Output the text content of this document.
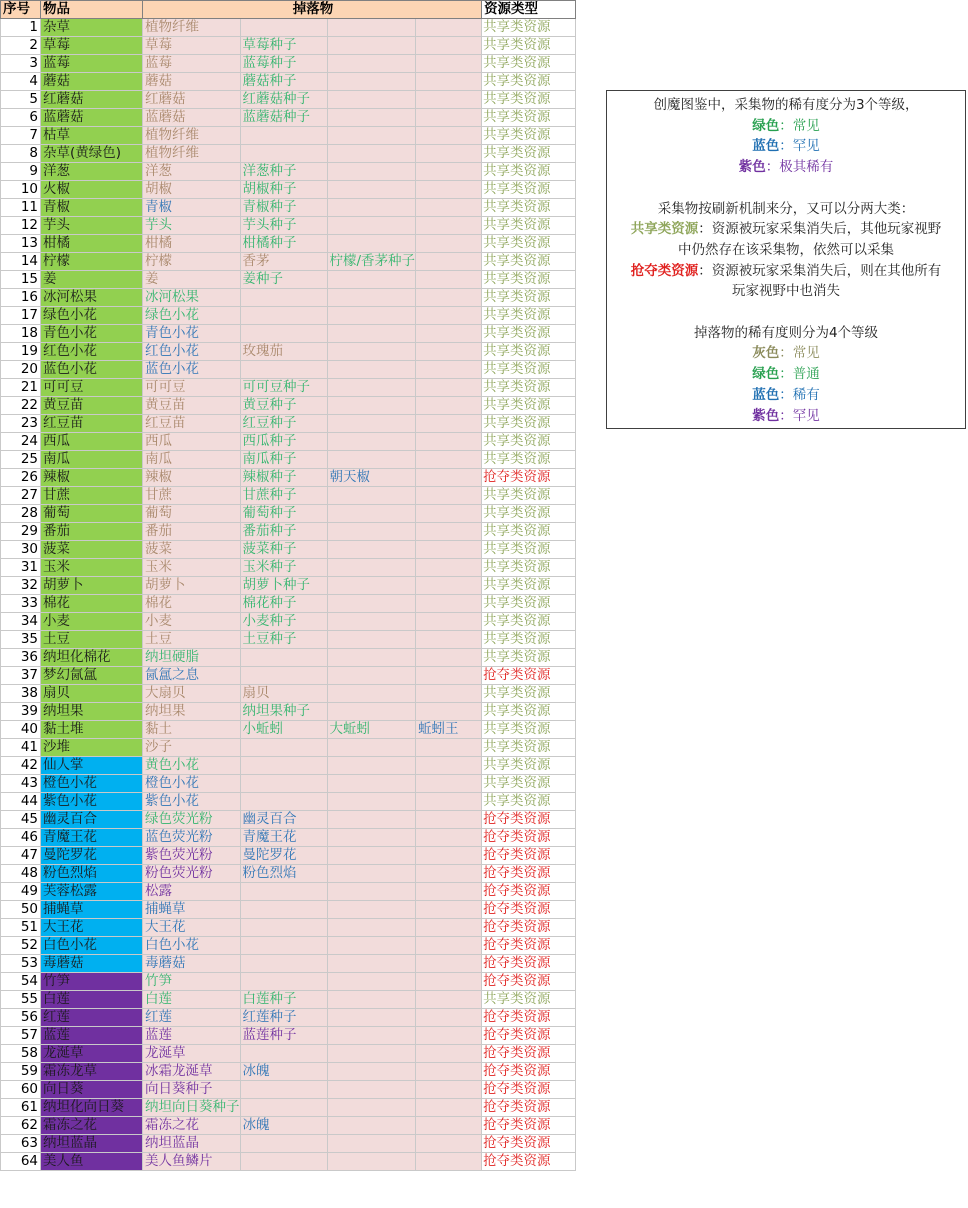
序号	物品	掉落物				资源类型
1	杂草	植物纤维				共享类资源
2	草莓	草莓	草莓种子			共享类资源
3	蓝莓	蓝莓	蓝莓种子			共享类资源
4	蘑菇	蘑菇	蘑菇种子			共享类资源
5	红蘑菇	红蘑菇	红蘑菇种子			共享类资源
6	蓝蘑菇	蓝蘑菇	蓝蘑菇种子			共享类资源
7	枯草	植物纤维				共享类资源
8	杂草(黄绿色)	植物纤维				共享类资源
9	洋葱	洋葱	洋葱种子			共享类资源
10	火椒	胡椒	胡椒种子			共享类资源
11	青椒	青椒	青椒种子			共享类资源
12	芋头	芋头	芋头种子			共享类资源
13	柑橘	柑橘	柑橘种子			共享类资源
14	柠檬	柠檬	香茅	柠檬/香茅种子		共享类资源
15	姜	姜	姜种子			共享类资源
16	冰河松果	冰河松果				共享类资源
17	绿色小花	绿色小花				共享类资源
18	青色小花	青色小花				共享类资源
19	红色小花	红色小花	玫瑰茄			共享类资源
20	蓝色小花	蓝色小花				共享类资源
21	可可豆	可可豆	可可豆种子			共享类资源
22	黄豆苗	黄豆苗	黄豆种子			共享类资源
23	红豆苗	红豆苗	红豆种子			共享类资源
24	西瓜	西瓜	西瓜种子			共享类资源
25	南瓜	南瓜	南瓜种子			共享类资源
26	辣椒	辣椒	辣椒种子	朝天椒		抢夺类资源
27	甘蔗	甘蔗	甘蔗种子			共享类资源
28	葡萄	葡萄	葡萄种子			共享类资源
29	番茄	番茄	番茄种子			共享类资源
30	菠菜	菠菜	菠菜种子			共享类资源
31	玉米	玉米	玉米种子			共享类资源
32	胡萝卜	胡萝卜	胡萝卜种子			共享类资源
33	棉花	棉花	棉花种子			共享类资源
34	小麦	小麦	小麦种子			共享类资源
35	土豆	土豆	土豆种子			共享类资源
36	纳坦化棉花	纳坦硬脂				共享类资源
37	梦幻氤氲	氤氲之息				抢夺类资源
38	扇贝	大扇贝	扇贝			共享类资源
39	纳坦果	纳坦果	纳坦果种子			共享类资源
40	黏土堆	黏土	小蚯蚓	大蚯蚓	蚯蚓王	共享类资源
41	沙堆	沙子				共享类资源
42	仙人掌	黄色小花				共享类资源
43	橙色小花	橙色小花				共享类资源
44	紫色小花	紫色小花				共享类资源
45	幽灵百合	绿色荧光粉	幽灵百合			抢夺类资源
46	青魔王花	蓝色荧光粉	青魔王花			抢夺类资源
47	曼陀罗花	紫色荧光粉	曼陀罗花			抢夺类资源
48	粉色烈焰	粉色荧光粉	粉色烈焰			抢夺类资源
49	芙蓉松露	松露				抢夺类资源
50	捕蝇草	捕蝇草				抢夺类资源
51	大王花	大王花				抢夺类资源
52	白色小花	白色小花				抢夺类资源
53	毒蘑菇	毒蘑菇				抢夺类资源
54	竹笋	竹笋				抢夺类资源
55	白莲	白莲	白莲种子			共享类资源
56	红莲	红莲	红莲种子			抢夺类资源
57	蓝莲	蓝莲	蓝莲种子			抢夺类资源
58	龙涎草	龙涎草				抢夺类资源
59	霜冻龙草	冰霜龙涎草	冰魄			抢夺类资源
60	向日葵	向日葵种子				抢夺类资源
61	纳坦化向日葵	纳坦向日葵种子				抢夺类资源
62	霜冻之花	霜冻之花	冰魄			抢夺类资源
63	纳坦蓝晶	纳坦蓝晶				抢夺类资源
64	美人鱼	美人鱼鳞片				抢夺类资源
创魔图鉴中，采集物的稀有度分为3个等级，
绿色：常见
蓝色：罕见
紫色：极其稀有
采集物按刷新机制来分，又可以分两大类：
共享类资源：资源被玩家采集消失后，其他玩家视野
中仍然存在该采集物，依然可以采集
抢夺类资源：资源被玩家采集消失后，则在其他所有
玩家视野中也消失
掉落物的稀有度则分为4个等级
灰色：常见
绿色：普通
蓝色：稀有
紫色：罕见
